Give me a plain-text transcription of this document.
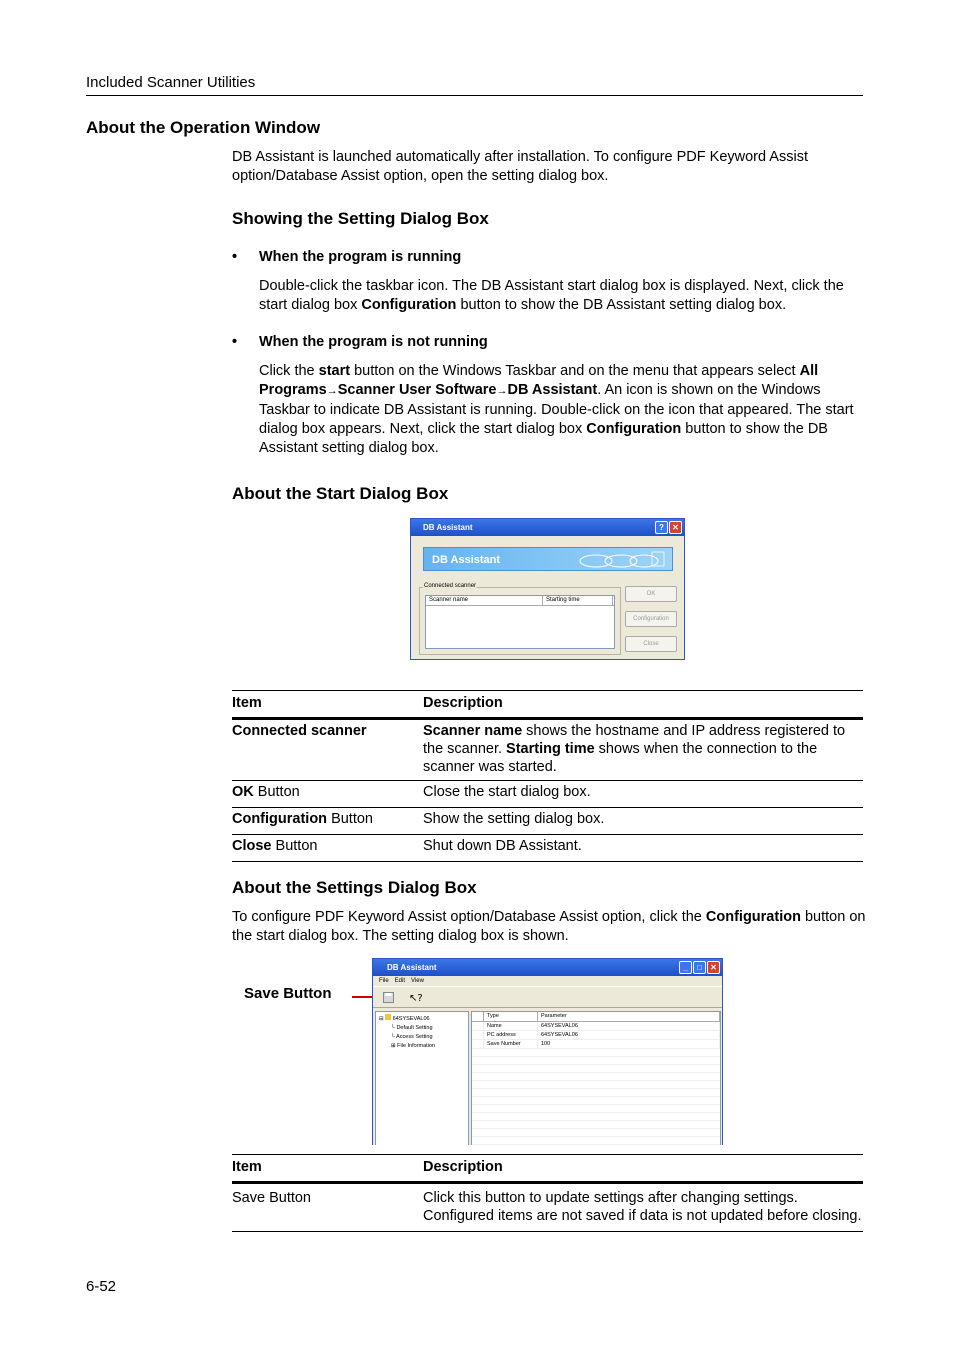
Included Scanner Utilities
About the Operation Window
DB Assistant is launched automatically after installation. To configure PDF Keyword Assist
option/Database Assist option, open the setting dialog box.
Showing the Setting Dialog Box
• When the program is running
Double-click the taskbar icon. The DB Assistant start dialog box is displayed. Next, click the
start dialog box Configuration button to show the DB Assistant setting dialog box.
• When the program is not running
Click the start button on the Windows Taskbar and on the menu that appears select All
Programs→Scanner User Software→DB Assistant. An icon is shown on the Windows
Taskbar to indicate DB Assistant is running. Double-click on the icon that appeared. The start
dialog box appears. Next, click the start dialog box Configuration button to show the DB
Assistant setting dialog box.
About the Start Dialog Box
DB Assistant	?	✕
DB Assistant
Connected scanner
Scanner name	Starting time
OK
Configuration
Close
Item	Description
Connected scanner	Scanner name shows the hostname and IP address registered to
the scanner. Starting time shows when the connection to the
scanner was started.

OK Button	Close the start dialog box.
Configuration Button	Show the setting dialog box.
Close Button	Shut down DB Assistant.
About the Settings Dialog Box
To configure PDF Keyword Assist option/Database Assist option, click the Configuration button on
the start dialog box. The setting dialog box is shown.
Save Button
DB Assistant	_	□	✕
File Edit View
↖?
⊟  64SYSEVAL06
└ Default Setting
└ Access Setting
⊞ File Information
Type	Parameter
Name	64SYSEVAL06
PC address	64SYSEVAL06
Save Number	100
Item	Description
Save Button	Click this button to update settings after changing settings.
Configured items are not saved if data is not updated before closing.
6-52
